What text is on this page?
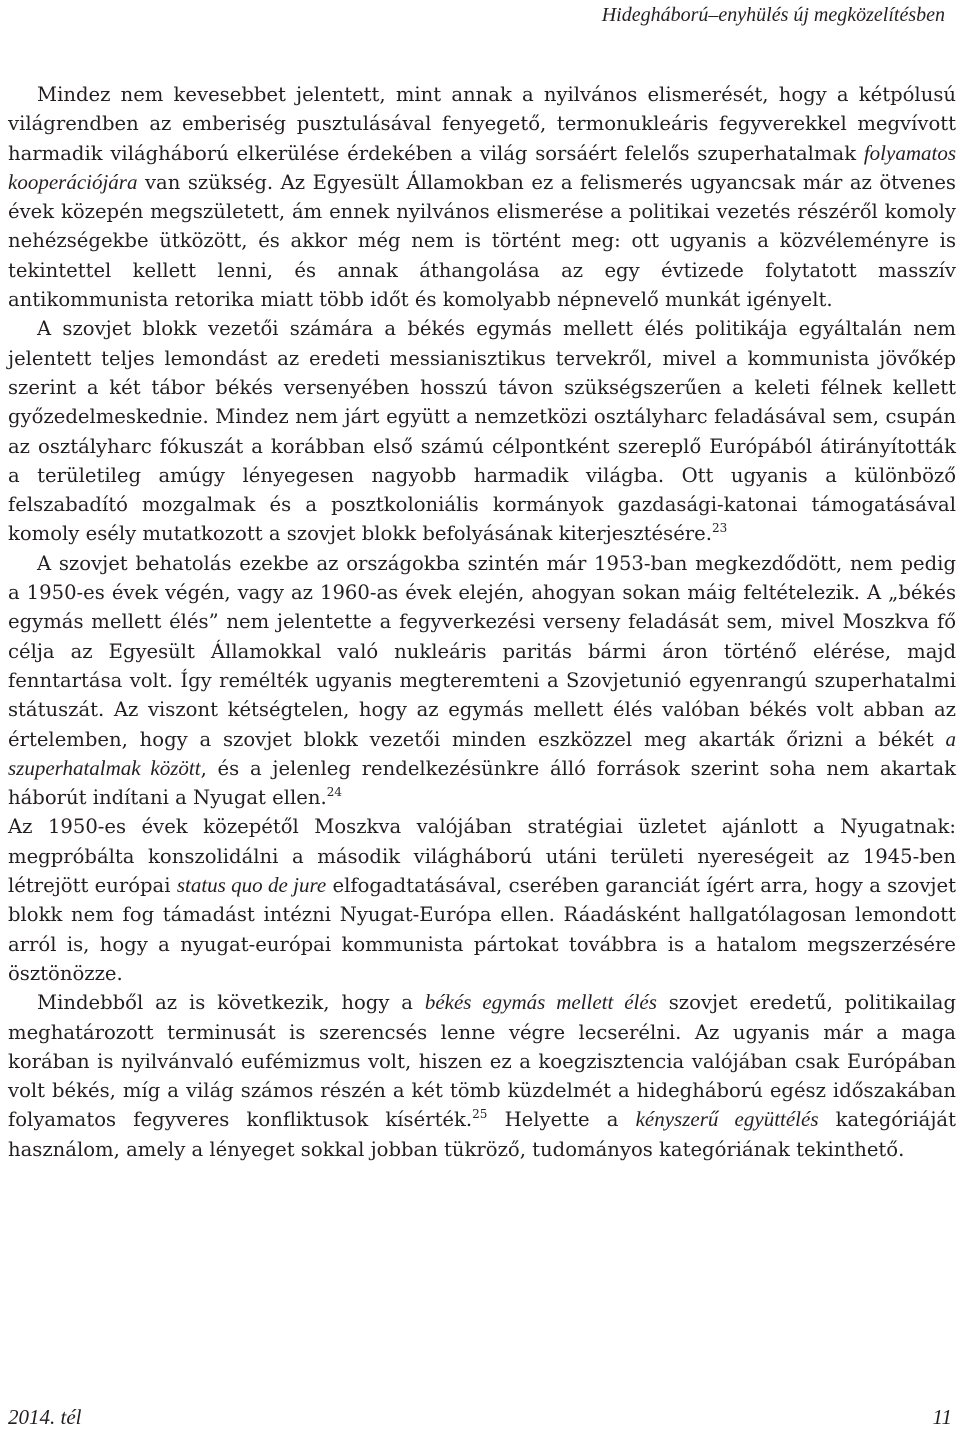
Hidegháború–enyhülés új megközelítésben

Mindez nem kevesebbet jelentett, mint annak a nyilvános elismerését, hogy a kétpólusú világrendben az emberiség pusztulásával fenyegető, termonukleáris fegyverekkel megvívott harmadik világháború elkerülése érdekében a világ sorsáért felelős szuperhatalmak folyamatos kooperációjára van szükség. Az Egyesült Államokban ez a felismerés ugyancsak már az ötvenes évek közepén megszületett, ám ennek nyilvános elismerése a politikai vezetés részéről komoly nehézségekbe ütközött, és akkor még nem is történt meg: ott ugyanis a közvéleményre is tekintettel kellett lenni, és annak áthangolása az egy évtizede folytatott masszív antikommunista retorika miatt több időt és komolyabb népnevelő munkát igényelt.

A szovjet blokk vezetői számára a békés egymás mellett élés politikája egyáltalán nem jelentett teljes lemondást az eredeti messianisztikus tervekről, mivel a kommunista jövőkép szerint a két tábor békés versenyében hosszú távon szükségszerűen a keleti félnek kellett győzedelmeskednie. Mindez nem járt együtt a nemzetközi osztályharc feladásával sem, csupán az osztályharc fókuszát a korábban első számú célpontként szereplő Európából átirányították a területileg amúgy lényegesen nagyobb harmadik világba. Ott ugyanis a különböző felszabadító mozgalmak és a posztkoloniális kormányok gazdasági-katonai támogatásával komoly esély mutatkozott a szovjet blokk befolyásának kiterjesztésére.$^{23}$

A szovjet behatolás ezekbe az országokba szintén már 1953-ban megkezdődött, nem pedig a 1950-es évek végén, vagy az 1960-as évek elején, ahogyan sokan máig feltételezik. A „békés egymás mellett élés” nem jelentette a fegyverkezési verseny feladását sem, mivel Moszkva fő célja az Egyesült Államokkal való nukleáris paritás bármi áron történő elérése, majd fenntartása volt. Így remélték ugyanis megteremteni a Szovjetunió egyenrangú szuperhatalmi státuszát. Az viszont kétségtelen, hogy az egymás mellett élés valóban békés volt abban az értelemben, hogy a szovjet blokk vezetői minden eszközzel meg akarták őrizni a békét a szuperhatalmak között, és a jelenleg rendelkezésünkre álló források szerint soha nem akartak háborút indítani a Nyugat ellen.$^{24}$

Az 1950-es évek közepétől Moszkva valójában stratégiai üzletet ajánlott a Nyugatnak: megpróbálta konszolidálni a második világháború utáni területi nyereségeit az 1945-ben létrejött európai status quo de jure elfogadtatásával, cserében garanciát ígért arra, hogy a szovjet blokk nem fog támadást intézni Nyugat-Európa ellen. Ráadásként hallgatólagosan lemondott arról is, hogy a nyugat-európai kommunista pártokat továbbra is a hatalom megszerzésére ösztönözze.

Mindebből az is következik, hogy a békés egymás mellett élés szovjet eredetű, politikailag meghatározott terminusát is szerencsés lenne végre lecserélni. Az ugyanis már a maga korában is nyilvánvaló eufémizmus volt, hiszen ez a koegzisztencia valójában csak Európában volt békés, míg a világ számos részén a két tömb küzdelmét a hidegháború egész időszakában folyamatos fegyveres konfliktusok kísérték.$^{25}$ Helyette a kényszerű együttélés kategóriáját használom, amely a lényeget sokkal jobban tükröző, tudományos kategóriának tekinthető.

2014. tél	11
